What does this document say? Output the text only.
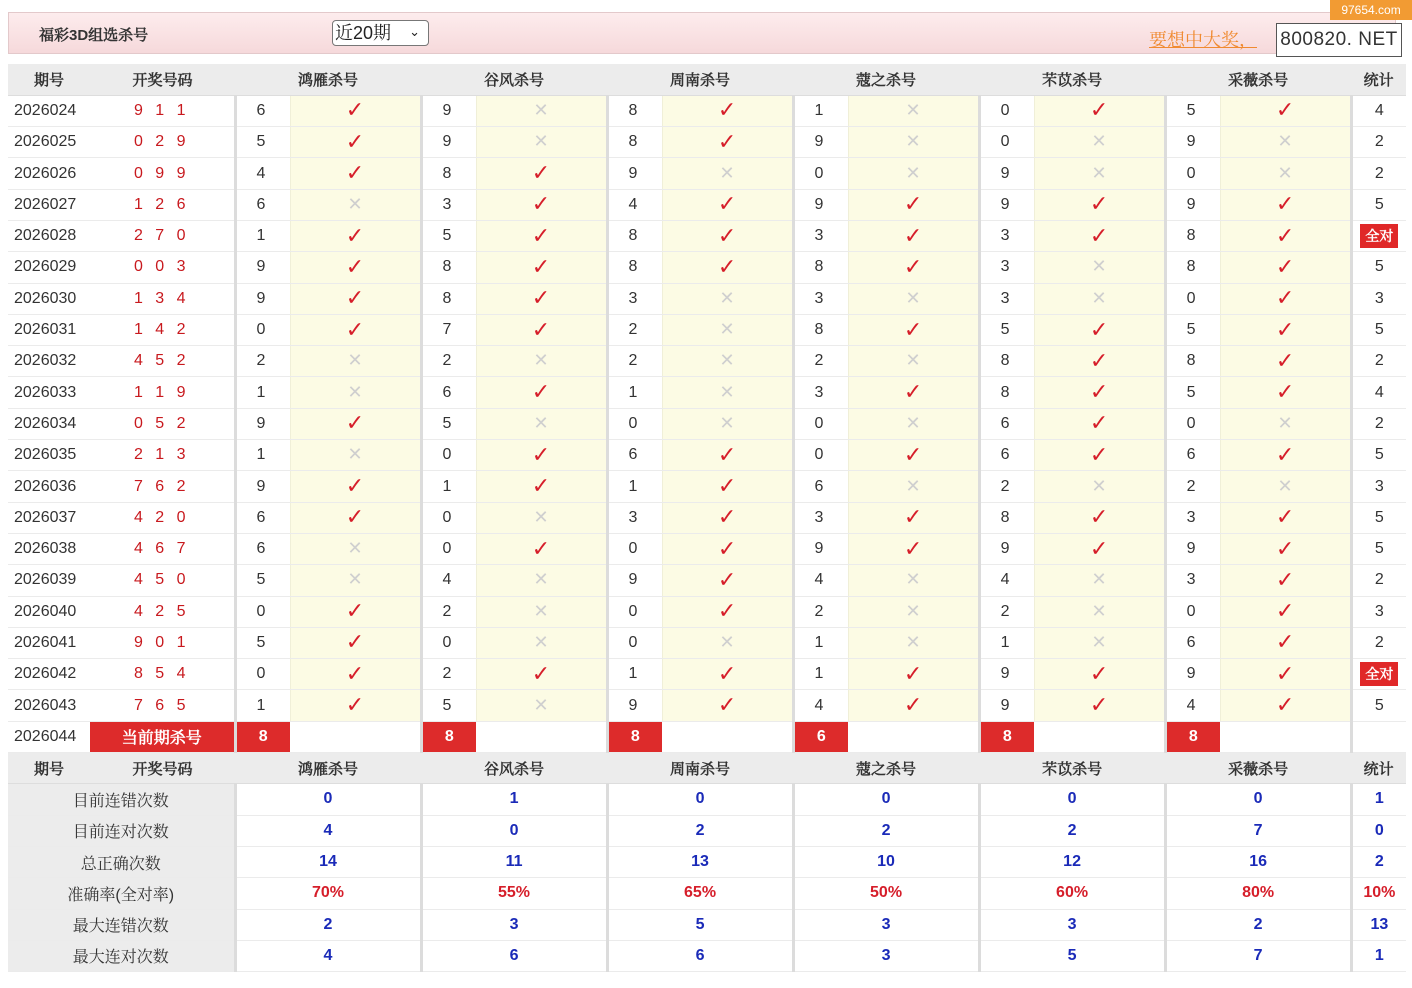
福彩3D组选杀号	近20期 ⌄	要想中大奖， 800820. NET
97654.com
期号	开奖号码	鸿雁杀号		谷风杀号		周南杀号		蔻之杀号		芣苡杀号		采薇杀号		统计
2026024	9 1 1	6	✓	9	✕	8	✓	1	✕	0	✓	5	✓	4
2026025	0 2 9	5	✓	9	✕	8	✓	9	✕	0	✕	9	✕	2
2026026	0 9 9	4	✓	8	✓	9	✕	0	✕	9	✕	0	✕	2
2026027	1 2 6	6	✕	3	✓	4	✓	9	✓	9	✓	9	✓	5
2026028	2 7 0	1	✓	5	✓	8	✓	3	✓	3	✓	8	✓	全对
2026029	0 0 3	9	✓	8	✓	8	✓	8	✓	3	✕	8	✓	5
2026030	1 3 4	9	✓	8	✓	3	✕	3	✕	3	✕	0	✓	3
2026031	1 4 2	0	✓	7	✓	2	✕	8	✓	5	✓	5	✓	5
2026032	4 5 2	2	✕	2	✕	2	✕	2	✕	8	✓	8	✓	2
2026033	1 1 9	1	✕	6	✓	1	✕	3	✓	8	✓	5	✓	4
2026034	0 5 2	9	✓	5	✕	0	✕	0	✕	6	✓	0	✕	2
2026035	2 1 3	1	✕	0	✓	6	✓	0	✓	6	✓	6	✓	5
2026036	7 6 2	9	✓	1	✓	1	✓	6	✕	2	✕	2	✕	3
2026037	4 2 0	6	✓	0	✕	3	✓	3	✓	8	✓	3	✓	5
2026038	4 6 7	6	✕	0	✓	0	✓	9	✓	9	✓	9	✓	5
2026039	4 5 0	5	✕	4	✕	9	✓	4	✕	4	✕	3	✓	2
2026040	4 2 5	0	✓	2	✕	0	✓	2	✕	2	✕	0	✓	3
2026041	9 0 1	5	✓	0	✕	0	✕	1	✕	1	✕	6	✓	2
2026042	8 5 4	0	✓	2	✓	1	✓	1	✓	9	✓	9	✓	全对
2026043	7 6 5	1	✓	5	✕	9	✓	4	✓	9	✓	4	✓	5
2026044	当前期杀号	8		8		8		6		8		8		
期号	开奖号码	鸿雁杀号		谷风杀号		周南杀号		蔻之杀号		芣苡杀号		采薇杀号		统计
目前连错次数		0		1		0		0		0		0		1
目前连对次数		4		0		2		2		2		7		0
总正确次数		14		11		13		10		12		16		2
准确率(全对率)		70%		55%		65%		50%		60%		80%		10%
最大连错次数		2		3		5		3		3		2		13
最大连对次数		4		6		6		3		5		7		1
